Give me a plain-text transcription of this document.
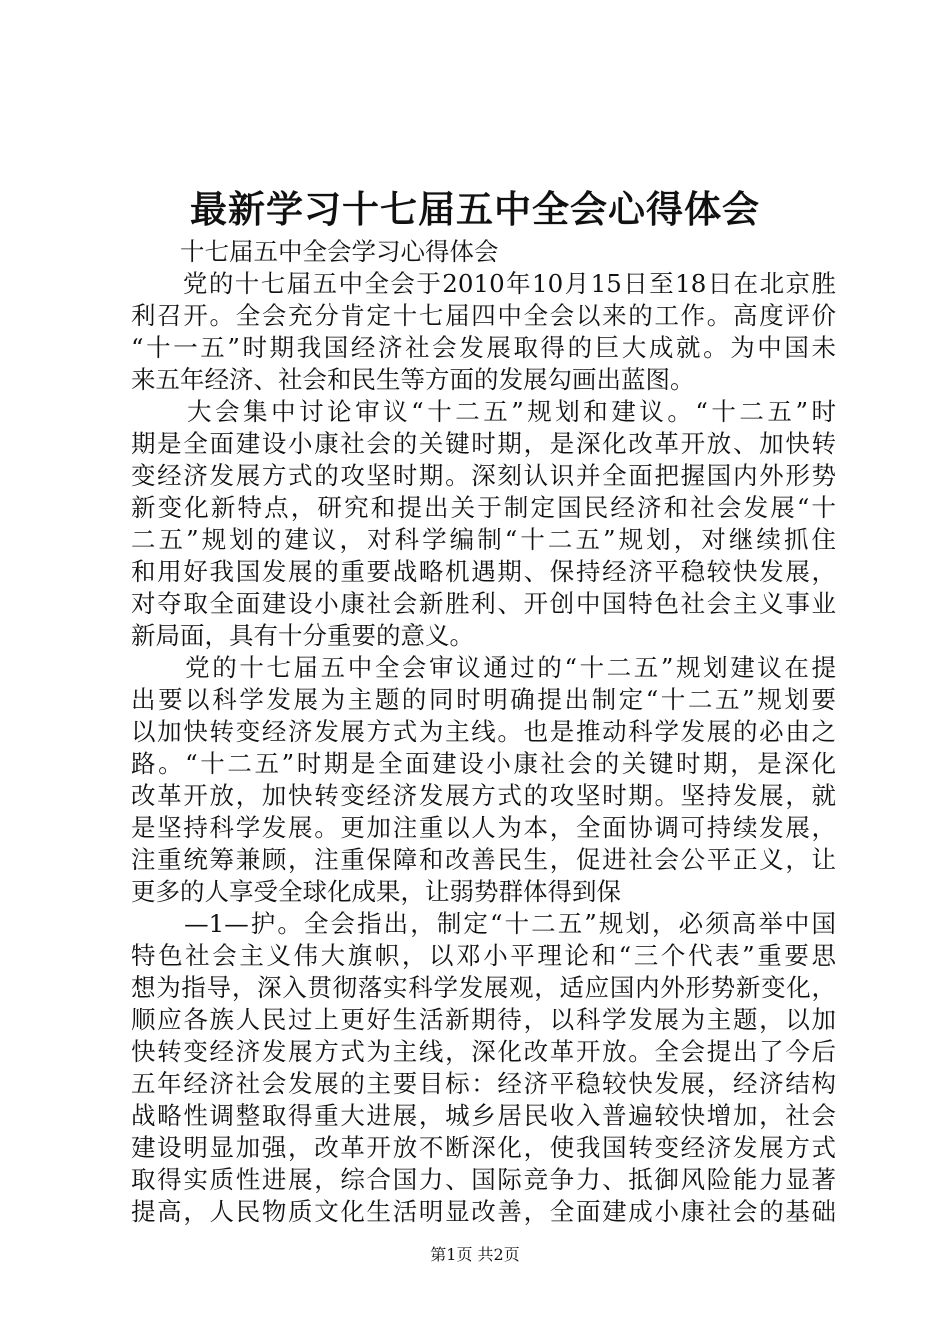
最新学习十七届五中全会心得体会
　　十七届五中全会学习心得体会
　　党的十七届五中全会于2010年10月15日至18日在北京胜
利召开。全会充分肯定十七届四中全会以来的工作。高度评价
“十一五”时期我国经济社会发展取得的巨大成就。为中国未
来五年经济、社会和民生等方面的发展勾画出蓝图。
　　大会集中讨论审议“十二五”规划和建议。“十二五”时
期是全面建设小康社会的关键时期，是深化改革开放、加快转
变经济发展方式的攻坚时期。深刻认识并全面把握国内外形势
新变化新特点，研究和提出关于制定国民经济和社会发展“十
二五”规划的建议，对科学编制“十二五”规划，对继续抓住
和用好我国发展的重要战略机遇期、保持经济平稳较快发展，
对夺取全面建设小康社会新胜利、开创中国特色社会主义事业
新局面，具有十分重要的意义。
　　党的十七届五中全会审议通过的“十二五”规划建议在提
出要以科学发展为主题的同时明确提出制定“十二五”规划要
以加快转变经济发展方式为主线。也是推动科学发展的必由之
路。“十二五”时期是全面建设小康社会的关键时期，是深化
改革开放，加快转变经济发展方式的攻坚时期。坚持发展，就
是坚持科学发展。更加注重以人为本，全面协调可持续发展，
注重统筹兼顾，注重保障和改善民生，促进社会公平正义，让
更多的人享受全球化成果，让弱势群体得到保
　　—1—护。全会指出，制定“十二五”规划，必须高举中国
特色社会主义伟大旗帜，以邓小平理论和“三个代表”重要思
想为指导，深入贯彻落实科学发展观，适应国内外形势新变化，
顺应各族人民过上更好生活新期待，以科学发展为主题，以加
快转变经济发展方式为主线，深化改革开放。全会提出了今后
五年经济社会发展的主要目标：经济平稳较快发展，经济结构
战略性调整取得重大进展，城乡居民收入普遍较快增加，社会
建设明显加强，改革开放不断深化，使我国转变经济发展方式
取得实质性进展，综合国力、国际竞争力、抵御风险能力显著
提高，人民物质文化生活明显改善，全面建成小康社会的基础
第1页 共2页
